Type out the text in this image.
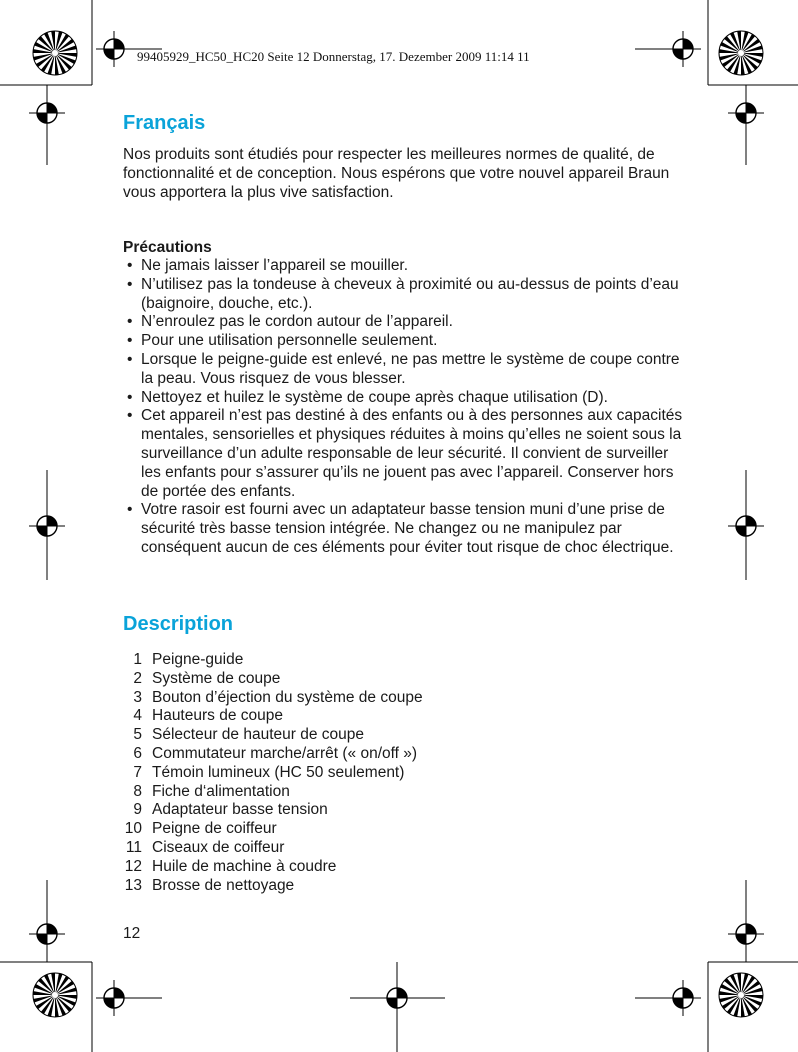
99405929_HC50_HC20 Seite 12 Donnerstag, 17. Dezember 2009 11:14 11
Français

Nos produits sont étudiés pour respecter les meilleures normes de qualité, de fonctionnalité et de conception. Nous espérons que votre nouvel appareil Braun vous apportera la plus vive satisfaction.

Précautions
• Ne jamais laisser l’appareil se mouiller.
• N’utilisez pas la tondeuse à cheveux à proximité ou au-dessus de points d’eau (baignoire, douche, etc.).
• N’enroulez pas le cordon autour de l’appareil.
• Pour une utilisation personnelle seulement.
• Lorsque le peigne-guide est enlevé, ne pas mettre le système de coupe contre la peau. Vous risquez de vous blesser.
• Nettoyez et huilez le système de coupe après chaque utilisation (D).
• Cet appareil n’est pas destiné à des enfants ou à des personnes aux capacités mentales, sensorielles et physiques réduites à moins qu’elles ne soient sous la surveillance d’un adulte responsable de leur sécurité. Il convient de surveiller les enfants pour s’assurer qu’ils ne jouent pas avec l’appareil. Conserver hors de portée des enfants.
• Votre rasoir est fourni avec un adaptateur basse tension muni d’une prise de sécurité très basse tension intégrée. Ne changez ou ne manipulez par conséquent aucun de ces éléments pour éviter tout risque de choc électrique.
Description
1 Peigne-guide
2 Système de coupe
3 Bouton d’éjection du système de coupe
4 Hauteurs de coupe
5 Sélecteur de hauteur de coupe
6 Commutateur marche/arrêt (« on/off »)
7 Témoin lumineux (HC 50 seulement)
8 Fiche d‘alimentation
9 Adaptateur basse tension
10 Peigne de coiffeur
11 Ciseaux de coiffeur
12 Huile de machine à coudre
13 Brosse de nettoyage
12
